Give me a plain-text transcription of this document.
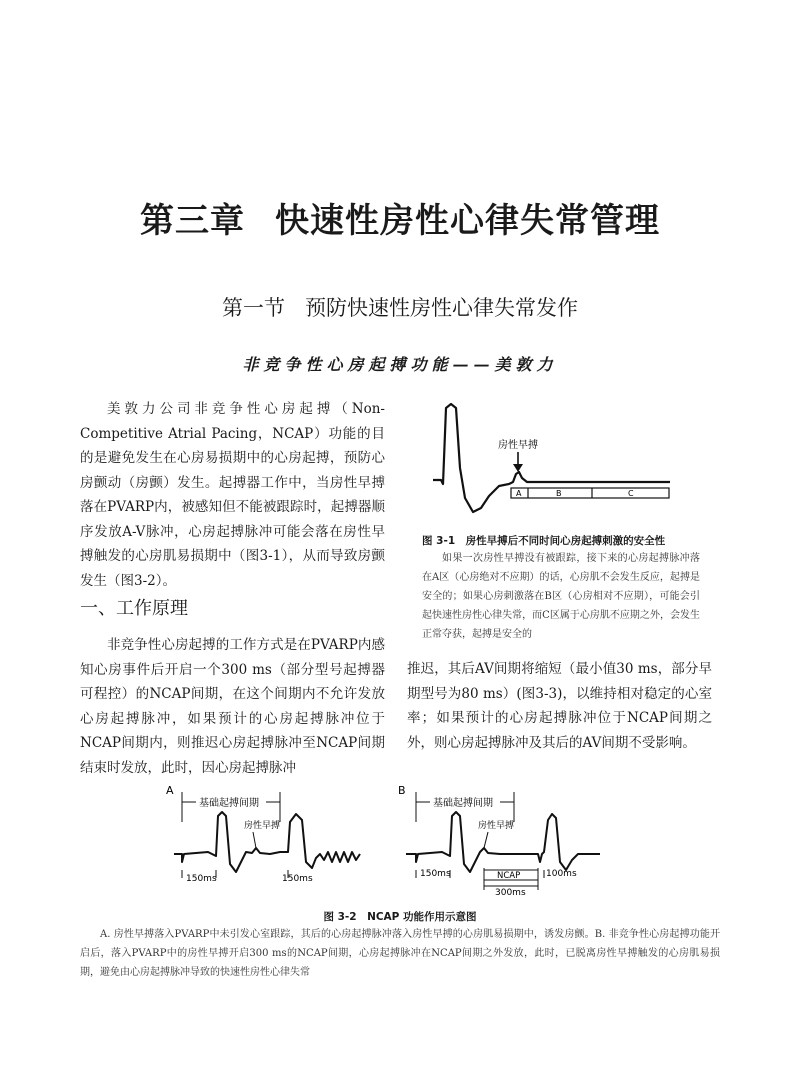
第三章 快速性房性心律失常管理
第一节 预防快速性房性心律失常发作
非竞争性心房起搏功能——美敦力
美敦力公司非竞争性心房起搏（Non-Competitive Atrial Pacing，NCAP）功能的目的是避免发生在心房易损期中的心房起搏，预防心房颤动（房颤）发生。起搏器工作中，当房性早搏落在PVARP内，被感知但不能被跟踪时，起搏器顺序发放A-V脉冲，心房起搏脉冲可能会落在房性早搏触发的心房肌易损期中（图3-1），从而导致房颤发生（图3-2）。
一、工作原理
非竞争性心房起搏的工作方式是在PVARP内感知心房事件后开启一个300 ms（部分型号起搏器可程控）的NCAP间期，在这个间期内不允许发放心房起搏脉冲，如果预计的心房起搏脉冲位于NCAP间期内，则推迟心房起搏脉冲至NCAP间期结束时发放，此时，因心房起搏脉冲
推迟，其后AV间期将缩短（最小值30 ms，部分早期型号为80 ms）(图3-3)，以维持相对稳定的心室率；如果预计的心房起搏脉冲位于NCAP间期之外，则心房起搏脉冲及其后的AV间期不受影响。
房性早搏
A	B	C
图 3-1　房性早搏后不同时间心房起搏刺激的安全性
如果一次房性早搏没有被跟踪，接下来的心房起搏脉冲落在A区（心房绝对不应期）的话，心房肌不会发生反应，起搏是安全的；如果心房刺激落在B区（心房相对不应期），可能会引起快速性房性心律失常，而C区属于心房肌不应期之外，会发生正常夺获，起搏是安全的
A
基础起搏间期
房性早搏
150ms	150ms
B
基础起搏间期
房性早搏
150ms	NCAP
300ms
100ms
图 3-2　NCAP 功能作用示意图
A. 房性早搏落入PVARP中未引发心室跟踪，其后的心房起搏脉冲落入房性早搏的心房肌易损期中，诱发房颤。B. 非竞争性心房起搏功能开启后，落入PVARP中的房性早搏开启300 ms的NCAP间期，心房起搏脉冲在NCAP间期之外发放，此时，已脱离房性早搏触发的心房肌易损期，避免由心房起搏脉冲导致的快速性房性心律失常
